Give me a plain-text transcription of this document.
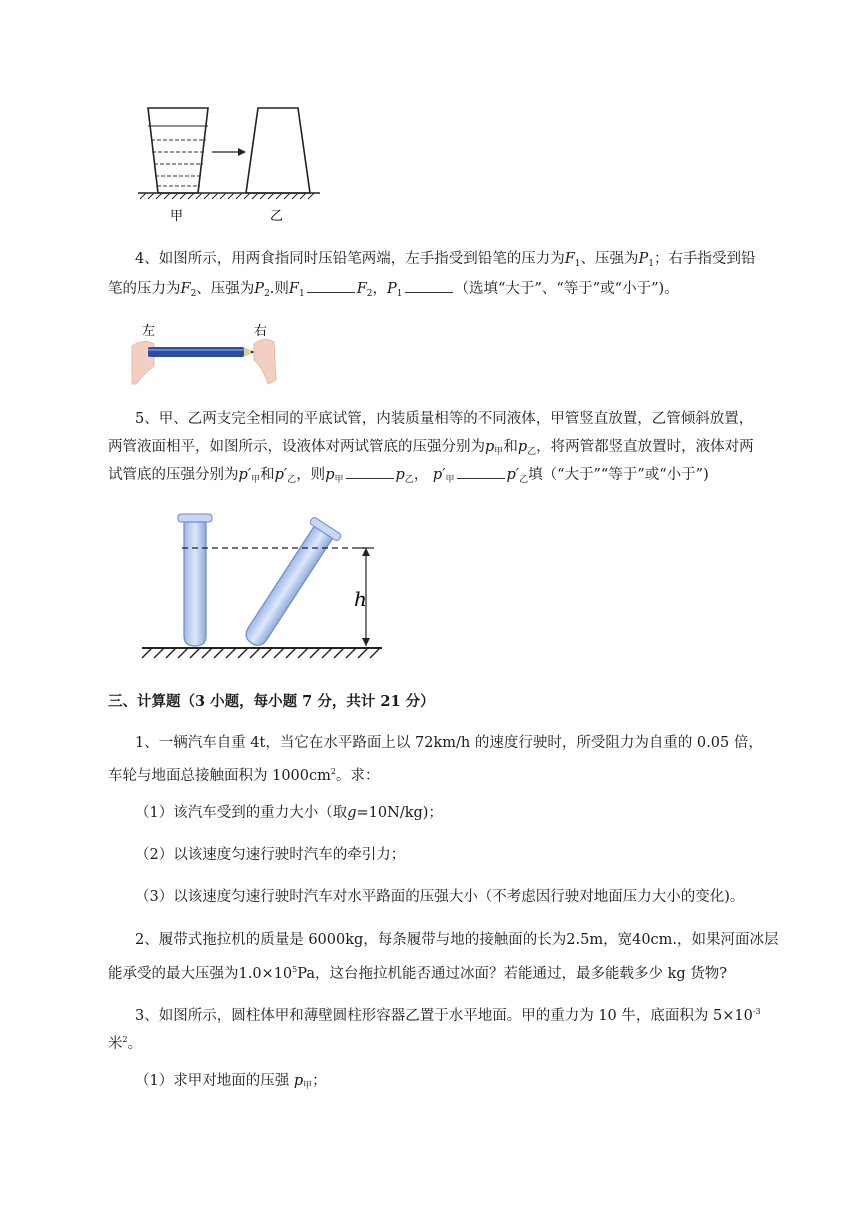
甲	乙

4、如图所示，用两食指同时压铅笔两端，左手指受到铅笔的压力为$F_1$、压强为$P_1$；右手指受到铅

笔的压力为$F_2$、压强为$P_2$.则$F_1$	$F_2$，$P_1$	（选填“大于”、“等于”或“小于”)。

左	右

5、甲、乙两支完全相同的平底试管，内装质量相等的不同液体，甲管竖直放置，乙管倾斜放置，

两管液面相平，如图所示，设液体对两试管底的压强分别为$p_甲$和$p_乙$，将两管都竖直放置时，液体对两

试管底的压强分别为$p'_甲$和$p'_乙$，则$p_甲$	$p_乙$， $p'_甲$	$p'_乙$填（“大于”“等于”或“小于”)

h

三、计算题（3 小题，每小题 7 分，共计 21 分）

1、一辆汽车自重 4t，当它在水平路面上以 72km/h 的速度行驶时，所受阻力为自重的 0.05 倍，

车轮与地面总接触面积为 $1000cm^2$。求：

（1）该汽车受到的重力大小（取g=10N/kg)；

（2）以该速度匀速行驶时汽车的牵引力；

（3）以该速度匀速行驶时汽车对水平路面的压强大小（不考虑因行驶对地面压力大小的变化)。

2、履带式拖拉机的质量是 6000kg，每条履带与地的接触面的长为2.5m，宽40cm.，如果河面冰层

能承受的最大压强为$1.0\times 10^5Pa$，这台拖拉机能否通过冰面？若能通过，最多能载多少 kg 货物?

3、如图所示，圆柱体甲和薄壁圆柱形容器乙置于水平地面。甲的重力为 10 牛，底面积为 $5\times 10^{-3}$

米$^2$。

（1）求甲对地面的压强 $p_甲$；
